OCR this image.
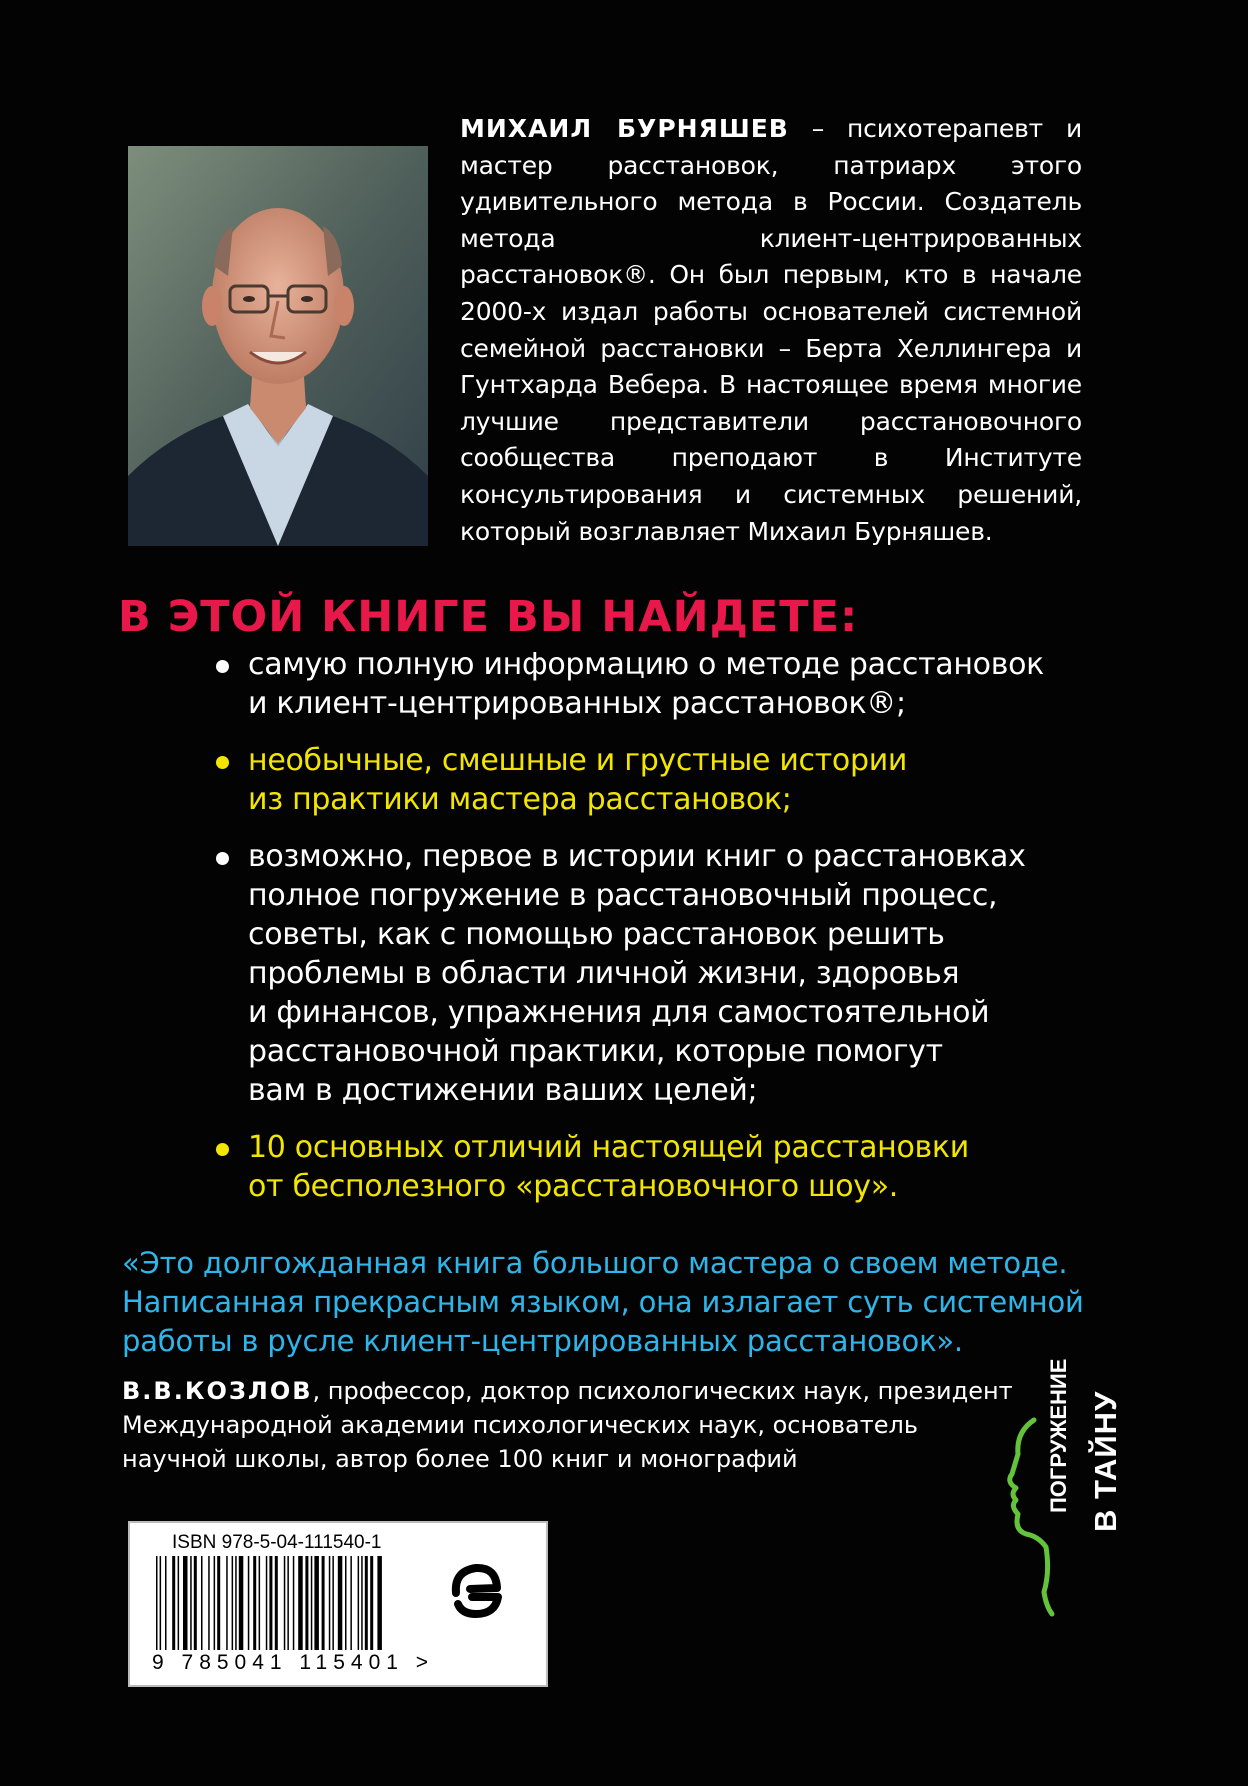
МИХАИЛ БУРНЯШЕВ – психотерапевт и мастер расстановок, патриарх этого удивительного метода в России. Создатель метода клиент-центрированных расстановок®. Он был первым, кто в начале 2000-х издал работы основателей системной семейной расстановки – Берта Хеллингера и Гунтхарда Вебера. В настоящее время многие лучшие представители расстановочного сообщества преподают в Институте консультирования и системных решений, который возглавляет Михаил Бурняшев.
В ЭТОЙ КНИГЕ ВЫ НАЙДЕТЕ:
самую полную информацию о методе расстановок
и клиент-центрированных расстановок®;
необычные, смешные и грустные истории
из практики мастера расстановок;
возможно, первое в истории книг о расстановках
полное погружение в расстановочный процесс,
советы, как с помощью расстановок решить
проблемы в области личной жизни, здоровья
и финансов, упражнения для самостоятельной
расстановочной практики, которые помогут
вам в достижении ваших целей;
10 основных отличий настоящей расстановки
от бесполезного «расстановочного шоу».
«Это долгожданная книга большого мастера о своем методе.
Написанная прекрасным языком, она излагает суть системной
работы в русле клиент-центрированных расстановок».
В.В.КОЗЛОВ, профессор, доктор психологических наук, президент
Международной академии психологических наук, основатель
научной школы, автор более 100 книг и монографий
ISBN 978-5-04-111540-1
9 785041 115401 >
ПОГРУЖЕНИЕ В ТАЙНУ
